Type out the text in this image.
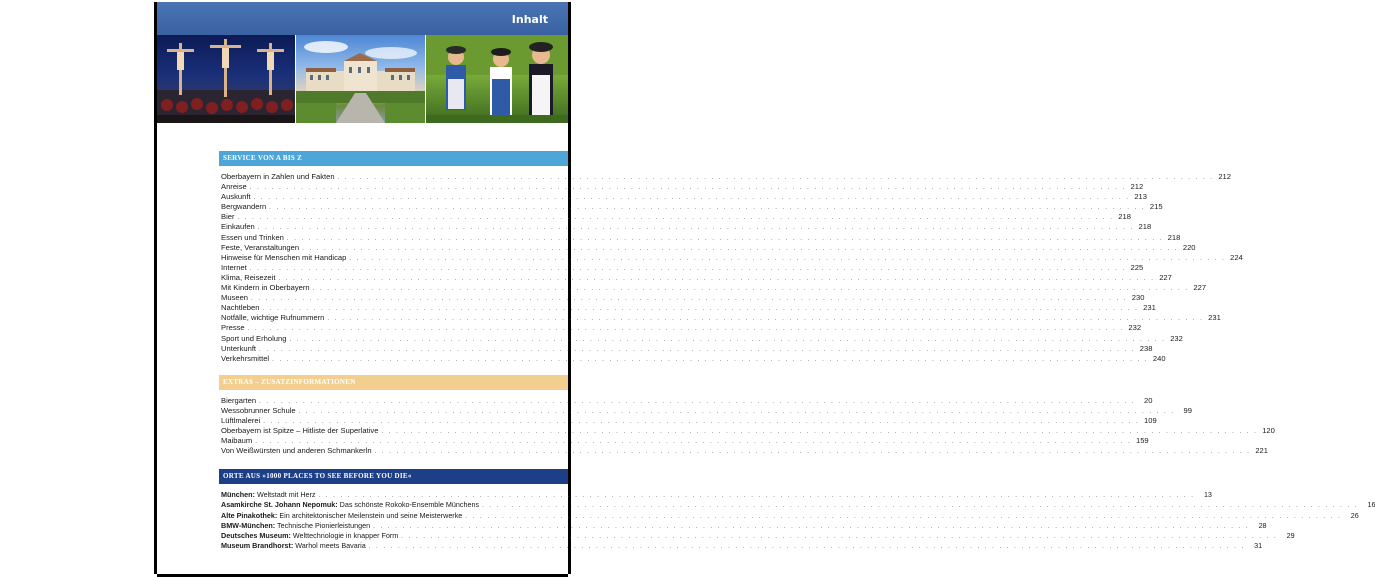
Inhalt
SERVICE VON A BIS Z
Oberbayern in Zahlen und Fakten . . . . . . . . . . . . . . . . . . . . . . . . . . . . . . . . . . . . . . . . . . . . . . . . . . . . . . . . . . . . . . . . . . . . . . . . . . . . . . . . . . . . . . . . . . . . . . . . . . . . . . . . . . . . . . . . . . . . . . . . 212
Anreise . . . . . . . . . . . . . . . . . . . . . . . . . . . . . . . . . . . . . . . . . . . . . . . . . . . . . . . . . . . . . . . . . . . . . . . . . . . . . . . . . . . . . . . . . . . . . . . . . . . . . . . . . . . . . . . . . . . . . . . . 212
Auskunft . . . . . . . . . . . . . . . . . . . . . . . . . . . . . . . . . . . . . . . . . . . . . . . . . . . . . . . . . . . . . . . . . . . . . . . . . . . . . . . . . . . . . . . . . . . . . . . . . . . . . . . . . . . . . . . . . . . . . . . . 213
Bergwandern . . . . . . . . . . . . . . . . . . . . . . . . . . . . . . . . . . . . . . . . . . . . . . . . . . . . . . . . . . . . . . . . . . . . . . . . . . . . . . . . . . . . . . . . . . . . . . . . . . . . . . . . . . . . . . . . . . . . . . . . 215
Bier . . . . . . . . . . . . . . . . . . . . . . . . . . . . . . . . . . . . . . . . . . . . . . . . . . . . . . . . . . . . . . . . . . . . . . . . . . . . . . . . . . . . . . . . . . . . . . . . . . . . . . . . . . . . . . . . . . . . . . . . 218
Einkaufen . . . . . . . . . . . . . . . . . . . . . . . . . . . . . . . . . . . . . . . . . . . . . . . . . . . . . . . . . . . . . . . . . . . . . . . . . . . . . . . . . . . . . . . . . . . . . . . . . . . . . . . . . . . . . . . . . . . . . . . . 218
Essen und Trinken . . . . . . . . . . . . . . . . . . . . . . . . . . . . . . . . . . . . . . . . . . . . . . . . . . . . . . . . . . . . . . . . . . . . . . . . . . . . . . . . . . . . . . . . . . . . . . . . . . . . . . . . . . . . . . . . . . . . . . . . 218
Feste, Veranstaltungen . . . . . . . . . . . . . . . . . . . . . . . . . . . . . . . . . . . . . . . . . . . . . . . . . . . . . . . . . . . . . . . . . . . . . . . . . . . . . . . . . . . . . . . . . . . . . . . . . . . . . . . . . . . . . . . . . . . . . . . . 220
Hinweise für Menschen mit Handicap . . . . . . . . . . . . . . . . . . . . . . . . . . . . . . . . . . . . . . . . . . . . . . . . . . . . . . . . . . . . . . . . . . . . . . . . . . . . . . . . . . . . . . . . . . . . . . . . . . . . . . . . . . . . . . . . . . . . . . . . 224
Internet . . . . . . . . . . . . . . . . . . . . . . . . . . . . . . . . . . . . . . . . . . . . . . . . . . . . . . . . . . . . . . . . . . . . . . . . . . . . . . . . . . . . . . . . . . . . . . . . . . . . . . . . . . . . . . . . . . . . . . . . 225
Klima, Reisezeit . . . . . . . . . . . . . . . . . . . . . . . . . . . . . . . . . . . . . . . . . . . . . . . . . . . . . . . . . . . . . . . . . . . . . . . . . . . . . . . . . . . . . . . . . . . . . . . . . . . . . . . . . . . . . . . . . . . . . . . . 227
Mit Kindern in Oberbayern . . . . . . . . . . . . . . . . . . . . . . . . . . . . . . . . . . . . . . . . . . . . . . . . . . . . . . . . . . . . . . . . . . . . . . . . . . . . . . . . . . . . . . . . . . . . . . . . . . . . . . . . . . . . . . . . . . . . . . . . 227
Museen . . . . . . . . . . . . . . . . . . . . . . . . . . . . . . . . . . . . . . . . . . . . . . . . . . . . . . . . . . . . . . . . . . . . . . . . . . . . . . . . . . . . . . . . . . . . . . . . . . . . . . . . . . . . . . . . . . . . . . . . 230
Nachtleben . . . . . . . . . . . . . . . . . . . . . . . . . . . . . . . . . . . . . . . . . . . . . . . . . . . . . . . . . . . . . . . . . . . . . . . . . . . . . . . . . . . . . . . . . . . . . . . . . . . . . . . . . . . . . . . . . . . . . . . . 231
Notfälle, wichtige Rufnummern . . . . . . . . . . . . . . . . . . . . . . . . . . . . . . . . . . . . . . . . . . . . . . . . . . . . . . . . . . . . . . . . . . . . . . . . . . . . . . . . . . . . . . . . . . . . . . . . . . . . . . . . . . . . . . . . . . . . . . . . 231
Presse . . . . . . . . . . . . . . . . . . . . . . . . . . . . . . . . . . . . . . . . . . . . . . . . . . . . . . . . . . . . . . . . . . . . . . . . . . . . . . . . . . . . . . . . . . . . . . . . . . . . . . . . . . . . . . . . . . . . . . . . 232
Sport und Erholung . . . . . . . . . . . . . . . . . . . . . . . . . . . . . . . . . . . . . . . . . . . . . . . . . . . . . . . . . . . . . . . . . . . . . . . . . . . . . . . . . . . . . . . . . . . . . . . . . . . . . . . . . . . . . . . . . . . . . . . . 232
Unterkunft . . . . . . . . . . . . . . . . . . . . . . . . . . . . . . . . . . . . . . . . . . . . . . . . . . . . . . . . . . . . . . . . . . . . . . . . . . . . . . . . . . . . . . . . . . . . . . . . . . . . . . . . . . . . . . . . . . . . . . . . 238
Verkehrsmittel . . . . . . . . . . . . . . . . . . . . . . . . . . . . . . . . . . . . . . . . . . . . . . . . . . . . . . . . . . . . . . . . . . . . . . . . . . . . . . . . . . . . . . . . . . . . . . . . . . . . . . . . . . . . . . . . . . . . . . . . 240
EXTRAS – ZUSATZINFORMATIONEN
Biergarten . . . . . . . . . . . . . . . . . . . . . . . . . . . . . . . . . . . . . . . . . . . . . . . . . . . . . . . . . . . . . . . . . . . . . . . . . . . . . . . . . . . . . . . . . . . . . . . . . . . . . . . . . . . . . . . . . . . . . . . .	20
Wessobrunner Schule . . . . . . . . . . . . . . . . . . . . . . . . . . . . . . . . . . . . . . . . . . . . . . . . . . . . . . . . . . . . . . . . . . . . . . . . . . . . . . . . . . . . . . . . . . . . . . . . . . . . . . . . . . . . . . . . . . . . . . . .	99
Lüftlmalerei . . . . . . . . . . . . . . . . . . . . . . . . . . . . . . . . . . . . . . . . . . . . . . . . . . . . . . . . . . . . . . . . . . . . . . . . . . . . . . . . . . . . . . . . . . . . . . . . . . . . . . . . . . . . . . . . . . . . . . . . 109
Oberbayern ist Spitze – Hitliste der Superlative . . . . . . . . . . . . . . . . . . . . . . . . . . . . . . . . . . . . . . . . . . . . . . . . . . . . . . . . . . . . . . . . . . . . . . . . . . . . . . . . . . . . . . . . . . . . . . . . . . . . . . . . . . . . . . . . . . . . . . . . 120
Maibaum . . . . . . . . . . . . . . . . . . . . . . . . . . . . . . . . . . . . . . . . . . . . . . . . . . . . . . . . . . . . . . . . . . . . . . . . . . . . . . . . . . . . . . . . . . . . . . . . . . . . . . . . . . . . . . . . . . . . . . . . 159
Von Weißwürsten und anderen Schmankerln . . . . . . . . . . . . . . . . . . . . . . . . . . . . . . . . . . . . . . . . . . . . . . . . . . . . . . . . . . . . . . . . . . . . . . . . . . . . . . . . . . . . . . . . . . . . . . . . . . . . . . . . . . . . . . . . . . . . . . . . 221
ORTE AUS »1000 PLACES TO SEE BEFORE YOU DIE«
München: Weltstadt mit Herz . . . . . . . . . . . . . . . . . . . . . . . . . . . . . . . . . . . . . . . . . . . . . . . . . . . . . . . . . . . . . . . . . . . . . . . . . . . . . . . . . . . . . . . . . . . . . . . . . . . . . . . . . . . . . . . . . . . . . . . .	13
Asamkirche St. Johann Nepomuk: Das schönste Rokoko-Ensemble Münchens . . . . . . . . . . . . . . . . . . . . . . . . . . . . . . . . . . . . . . . . . . . . . . . . . . . . . . . . . . . . . . . . . . . . . . . . . . . . . . . . . . . . . . . . . . . . . . . . . . . . . . . . . . . . . . . . . . . . . . . .	16
Alte Pinakothek: Ein architektonischer Meilenstein und seine Meisterwerke . . . . . . . . . . . . . . . . . . . . . . . . . . . . . . . . . . . . . . . . . . . . . . . . . . . . . . . . . . . . . . . . . . . . . . . . . . . . . . . . . . . . . . . . . . . . . . . . . . . . . . . . . . . . . . . . . . . . . . . .	26
BMW-München: Technische Pionierleistungen . . . . . . . . . . . . . . . . . . . . . . . . . . . . . . . . . . . . . . . . . . . . . . . . . . . . . . . . . . . . . . . . . . . . . . . . . . . . . . . . . . . . . . . . . . . . . . . . . . . . . . . . . . . . . . . . . . . . . . . .	28
Deutsches Museum: Welttechnologie in knapper Form . . . . . . . . . . . . . . . . . . . . . . . . . . . . . . . . . . . . . . . . . . . . . . . . . . . . . . . . . . . . . . . . . . . . . . . . . . . . . . . . . . . . . . . . . . . . . . . . . . . . . . . . . . . . . . . . . . . . . . . .	29
Museum Brandhorst: Warhol meets Bavaria . . . . . . . . . . . . . . . . . . . . . . . . . . . . . . . . . . . . . . . . . . . . . . . . . . . . . . . . . . . . . . . . . . . . . . . . . . . . . . . . . . . . . . . . . . . . . . . . . . . . . . . . . . . . . . . . . . . . . . . .	31
